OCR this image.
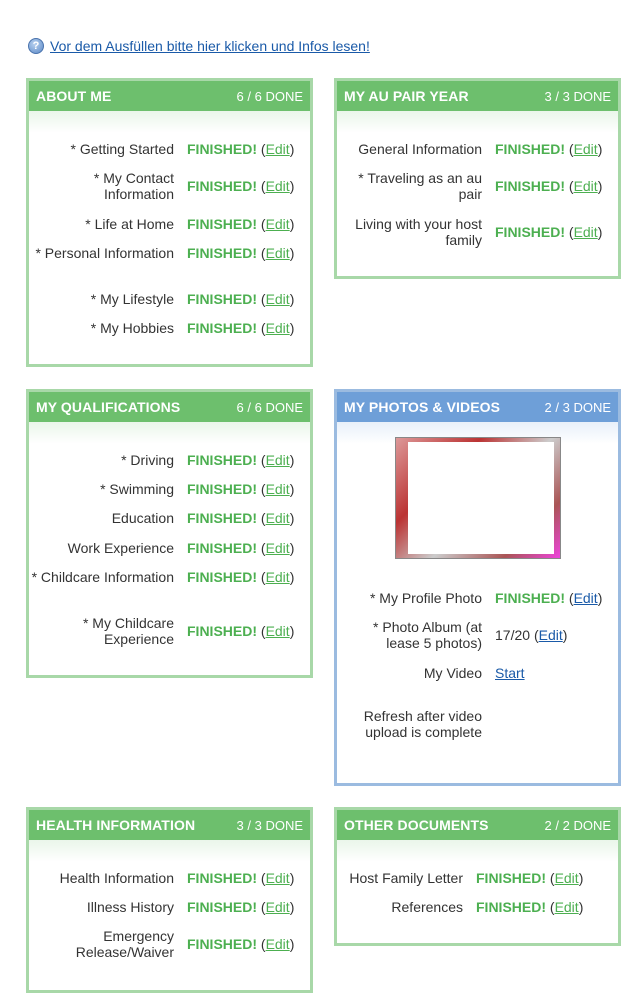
? Vor dem Ausfüllen bitte hier klicken und Infos lesen!
ABOUT ME	6 / 6 DONE
* Getting Started FINISHED! (Edit)
* My Contact Information FINISHED! (Edit)
* Life at Home FINISHED! (Edit)
* Personal Information FINISHED! (Edit)
* My Lifestyle FINISHED! (Edit)
* My Hobbies FINISHED! (Edit)
MY AU PAIR YEAR	3 / 3 DONE
General Information FINISHED! (Edit)
* Traveling as an au pair FINISHED! (Edit)
Living with your host family FINISHED! (Edit)
MY QUALIFICATIONS	6 / 6 DONE
* Driving FINISHED! (Edit)
* Swimming FINISHED! (Edit)
Education FINISHED! (Edit)
Work Experience FINISHED! (Edit)
* Childcare Information FINISHED! (Edit)
* My Childcare Experience FINISHED! (Edit)
MY PHOTOS & VIDEOS	2 / 3 DONE
* My Profile Photo FINISHED! (Edit)
* Photo Album (at lease 5 photos) 17/20 (Edit)
My Video Start
Refresh after video upload is complete
HEALTH INFORMATION	3 / 3 DONE
Health Information FINISHED! (Edit)
Illness History FINISHED! (Edit)
Emergency Release/Waiver FINISHED! (Edit)
OTHER DOCUMENTS	2 / 2 DONE
Host Family Letter FINISHED! (Edit)
References FINISHED! (Edit)
